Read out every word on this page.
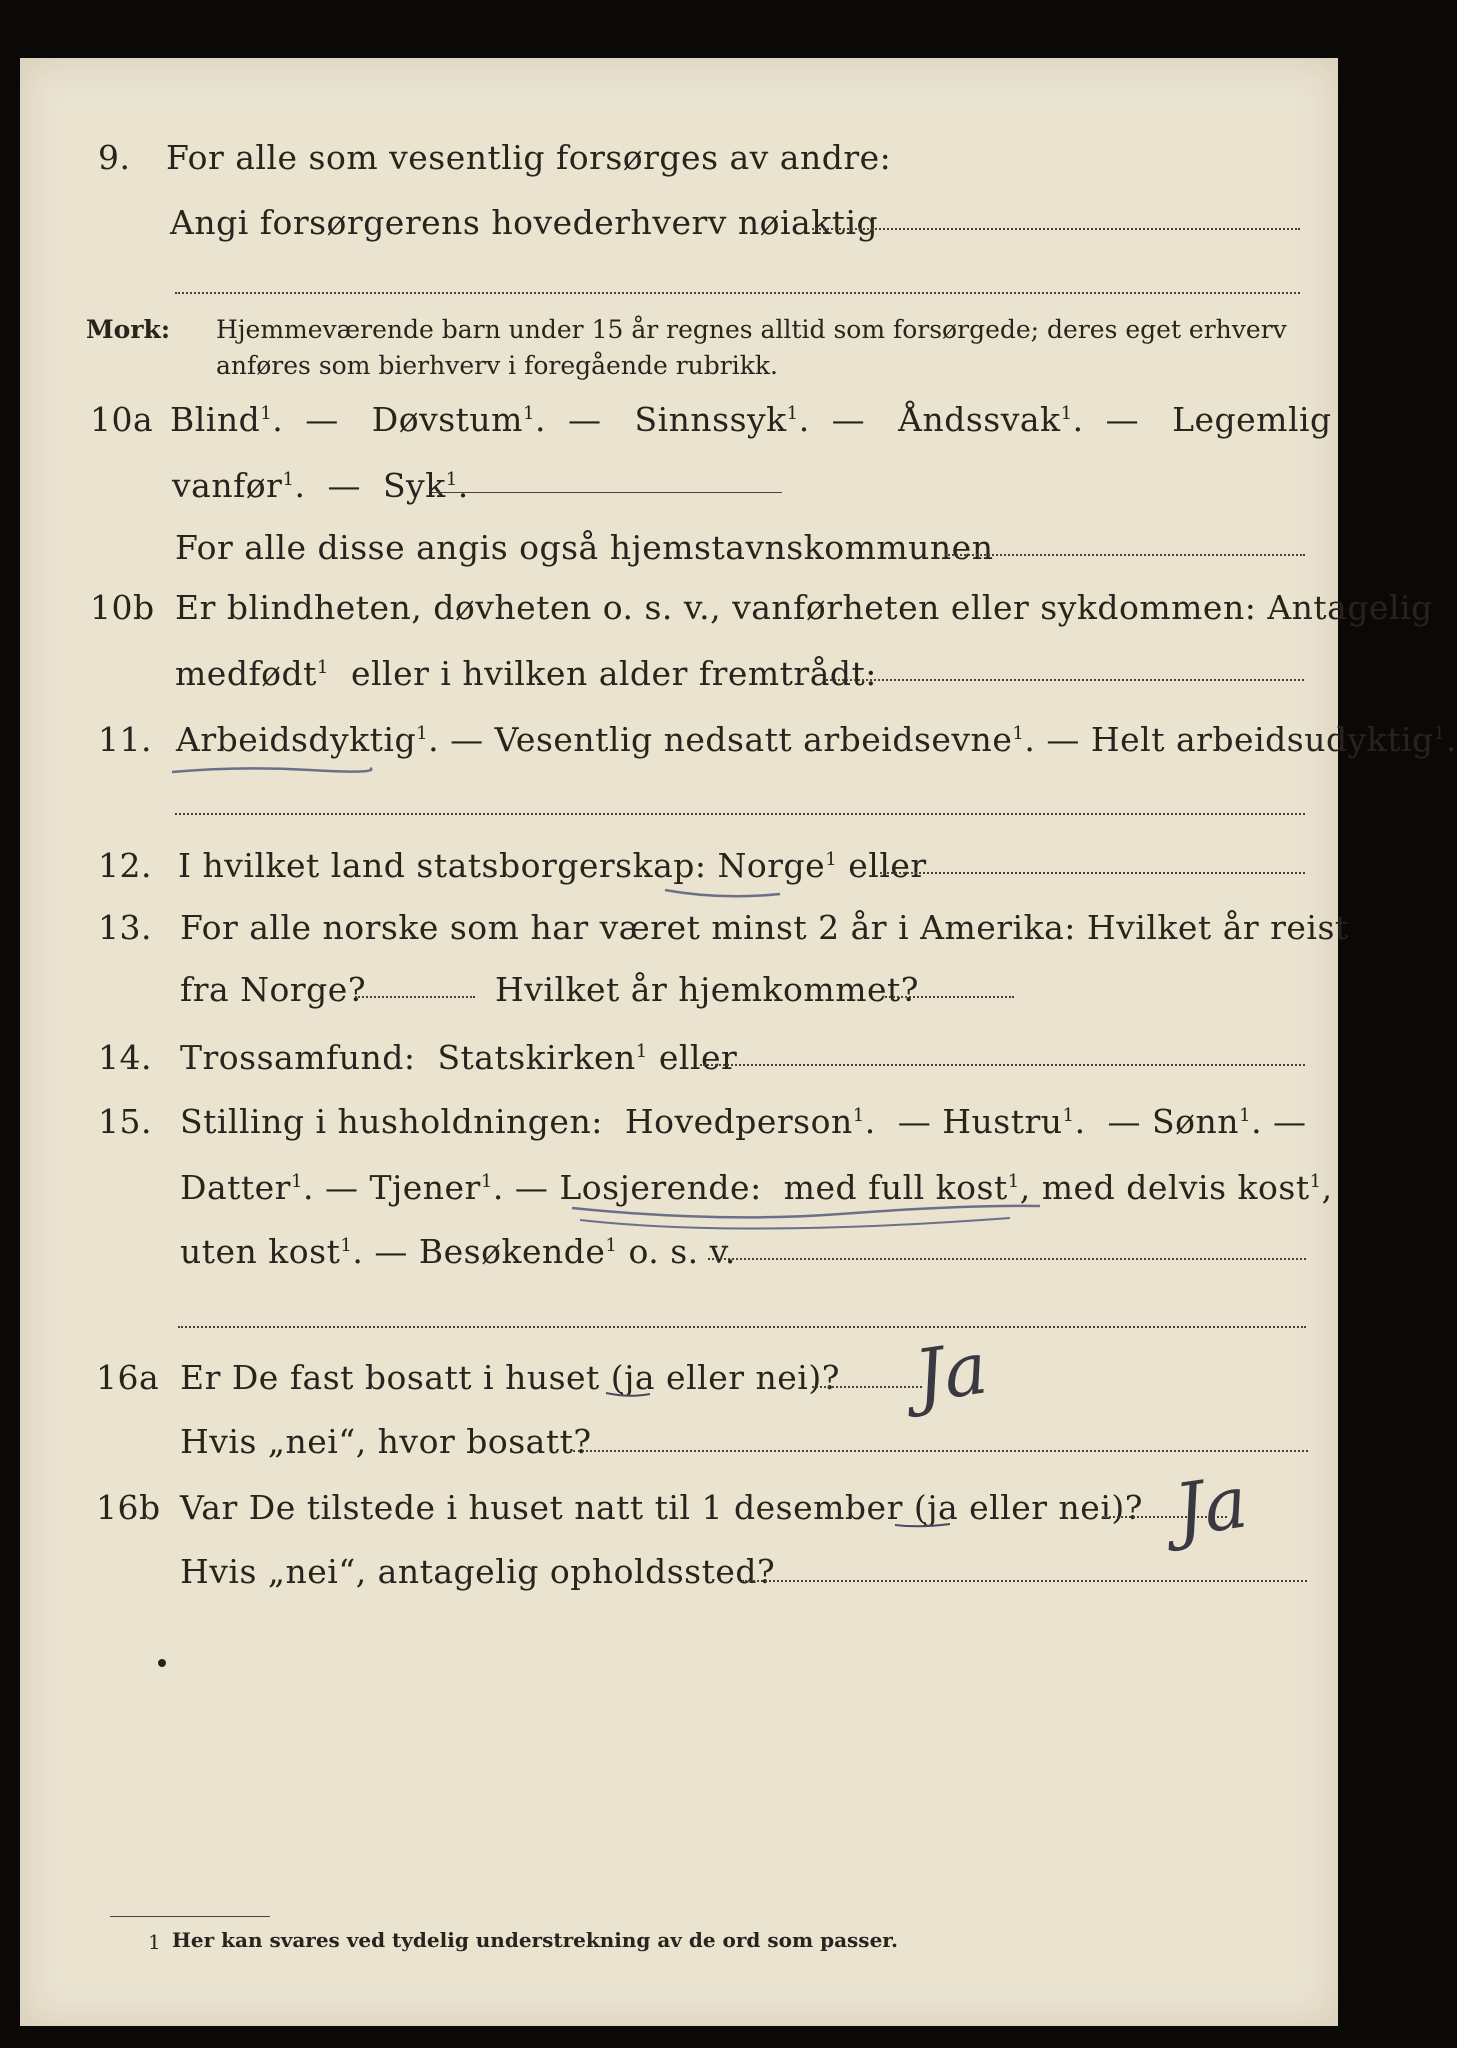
9. For alle som vesentlig forsørges av andre:
Angi forsørgerens hovederhverv nøiaktig
Mork: Hjemmeværende barn under 15 år regnes alltid som forsørgede; deres eget erhverv
anføres som bierhverv i foregående rubrikk.
10a Blind$^1$.  —   Døvstum$^1$.  —   Sinnssyk$^1$.  —   Åndssvak$^1$.  —   Legemlig
vanfør$^1$.  —  Syk$^1$.
For alle disse angis også hjemstavnskommunen
10b Er blindheten, døvheten o. s. v., vanførheten eller sykdommen: Antagelig
medfødt$^1$ eller i hvilken alder fremtrådt:
11. Arbeidsdyktig$^1$. — Vesentlig nedsatt arbeidsevne$^1$. — Helt arbeidsudyktig$^1$.
12. I hvilket land statsborgerskap: Norge$^1$ eller
13. For alle norske som har været minst 2 år i Amerika: Hvilket år reist
fra Norge?	Hvilket år hjemkommet?
14. Trossamfund: Statskirken$^1$ eller
15. Stilling i husholdningen: Hovedperson$^1$.  — Hustru$^1$.  — Sønn$^1$. —
Datter$^1$. — Tjener$^1$. — Losjerende: med full kost$^1$, med delvis kost$^1$,
uten kost$^1$. — Besøkende$^1$ o. s. v.
16a Er De fast bosatt i huset (ja eller nei)?
Hvis „nei“, hvor bosatt?
16b Var De tilstede i huset natt til 1 desember (ja eller nei)?
Hvis „nei“, antagelig opholdssted?
Ja
Ja
1 Her kan svares ved tydelig understrekning av de ord som passer.
